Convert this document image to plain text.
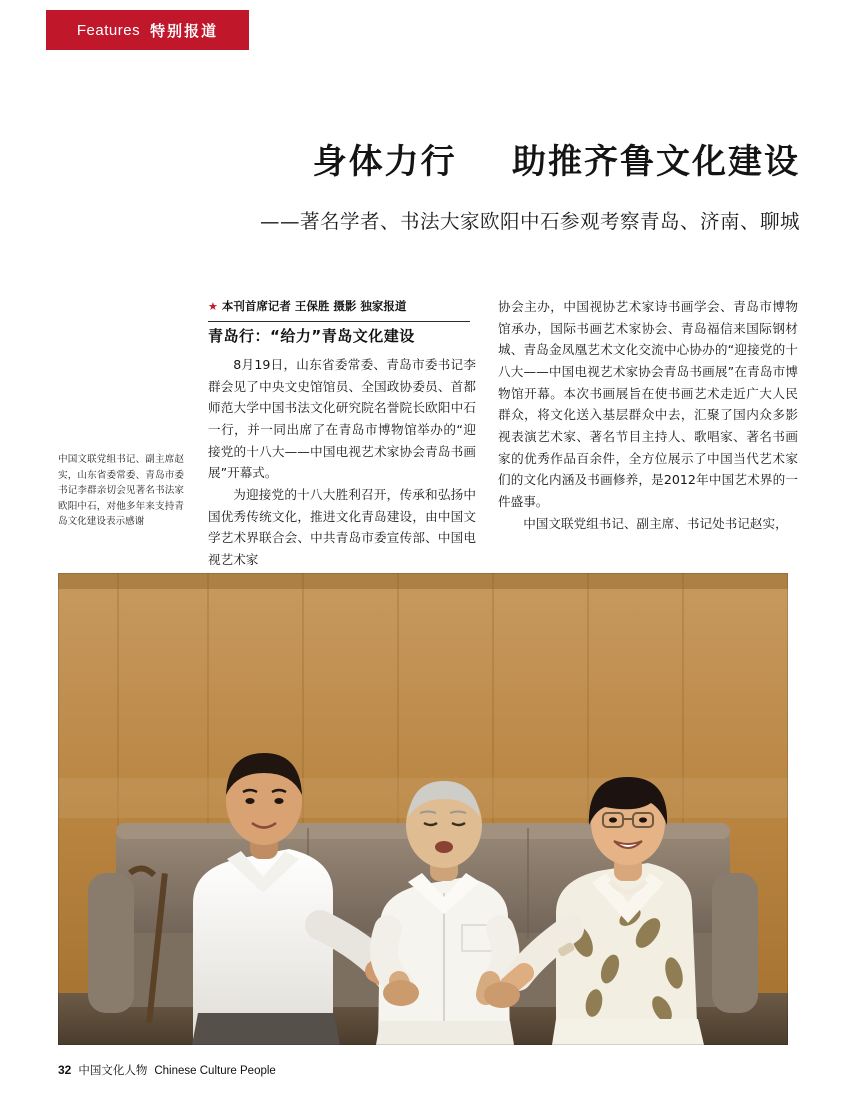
Features 特别报道
身体力行    助推齐鲁文化建设
——著名学者、书法大家欧阳中石参观考察青岛、济南、聊城
★ 本刊首席记者 王保胜 摄影 独家报道
青岛行：“给力”青岛文化建设

8月19日，山东省委常委、青岛市委书记李群会见了中央文史馆馆员、全国政协委员、首都师范大学中国书法文化研究院名誉院长欧阳中石一行，并一同出席了在青岛市博物馆举办的“迎接党的十八大——中国电视艺术家协会青岛书画展”开幕式。

为迎接党的十八大胜利召开，传承和弘扬中国优秀传统文化，推进文化青岛建设，由中国文学艺术界联合会、中共青岛市委宣传部、中国电视艺术家

协会主办，中国视协艺术家诗书画学会、青岛市博物馆承办，国际书画艺术家协会、青岛福信来国际钢材城、青岛金凤凰艺术文化交流中心协办的“迎接党的十八大——中国电视艺术家协会青岛书画展”在青岛市博物馆开幕。本次书画展旨在使书画艺术走近广大人民群众，将文化送入基层群众中去，汇聚了国内众多影视表演艺术家、著名节目主持人、歌唱家、著名书画家的优秀作品百余件，全方位展示了中国当代艺术家们的文化内涵及书画修养，是2012年中国艺术界的一件盛事。

中国文联党组书记、副主席、书记处书记赵实，

中国文联党组书记、副主席赵实，山东省委常委、青岛市委书记李群亲切会见著名书法家欧阳中石，对他多年来支持青岛文化建设表示感谢
32 中国文化人物 Chinese Culture People
